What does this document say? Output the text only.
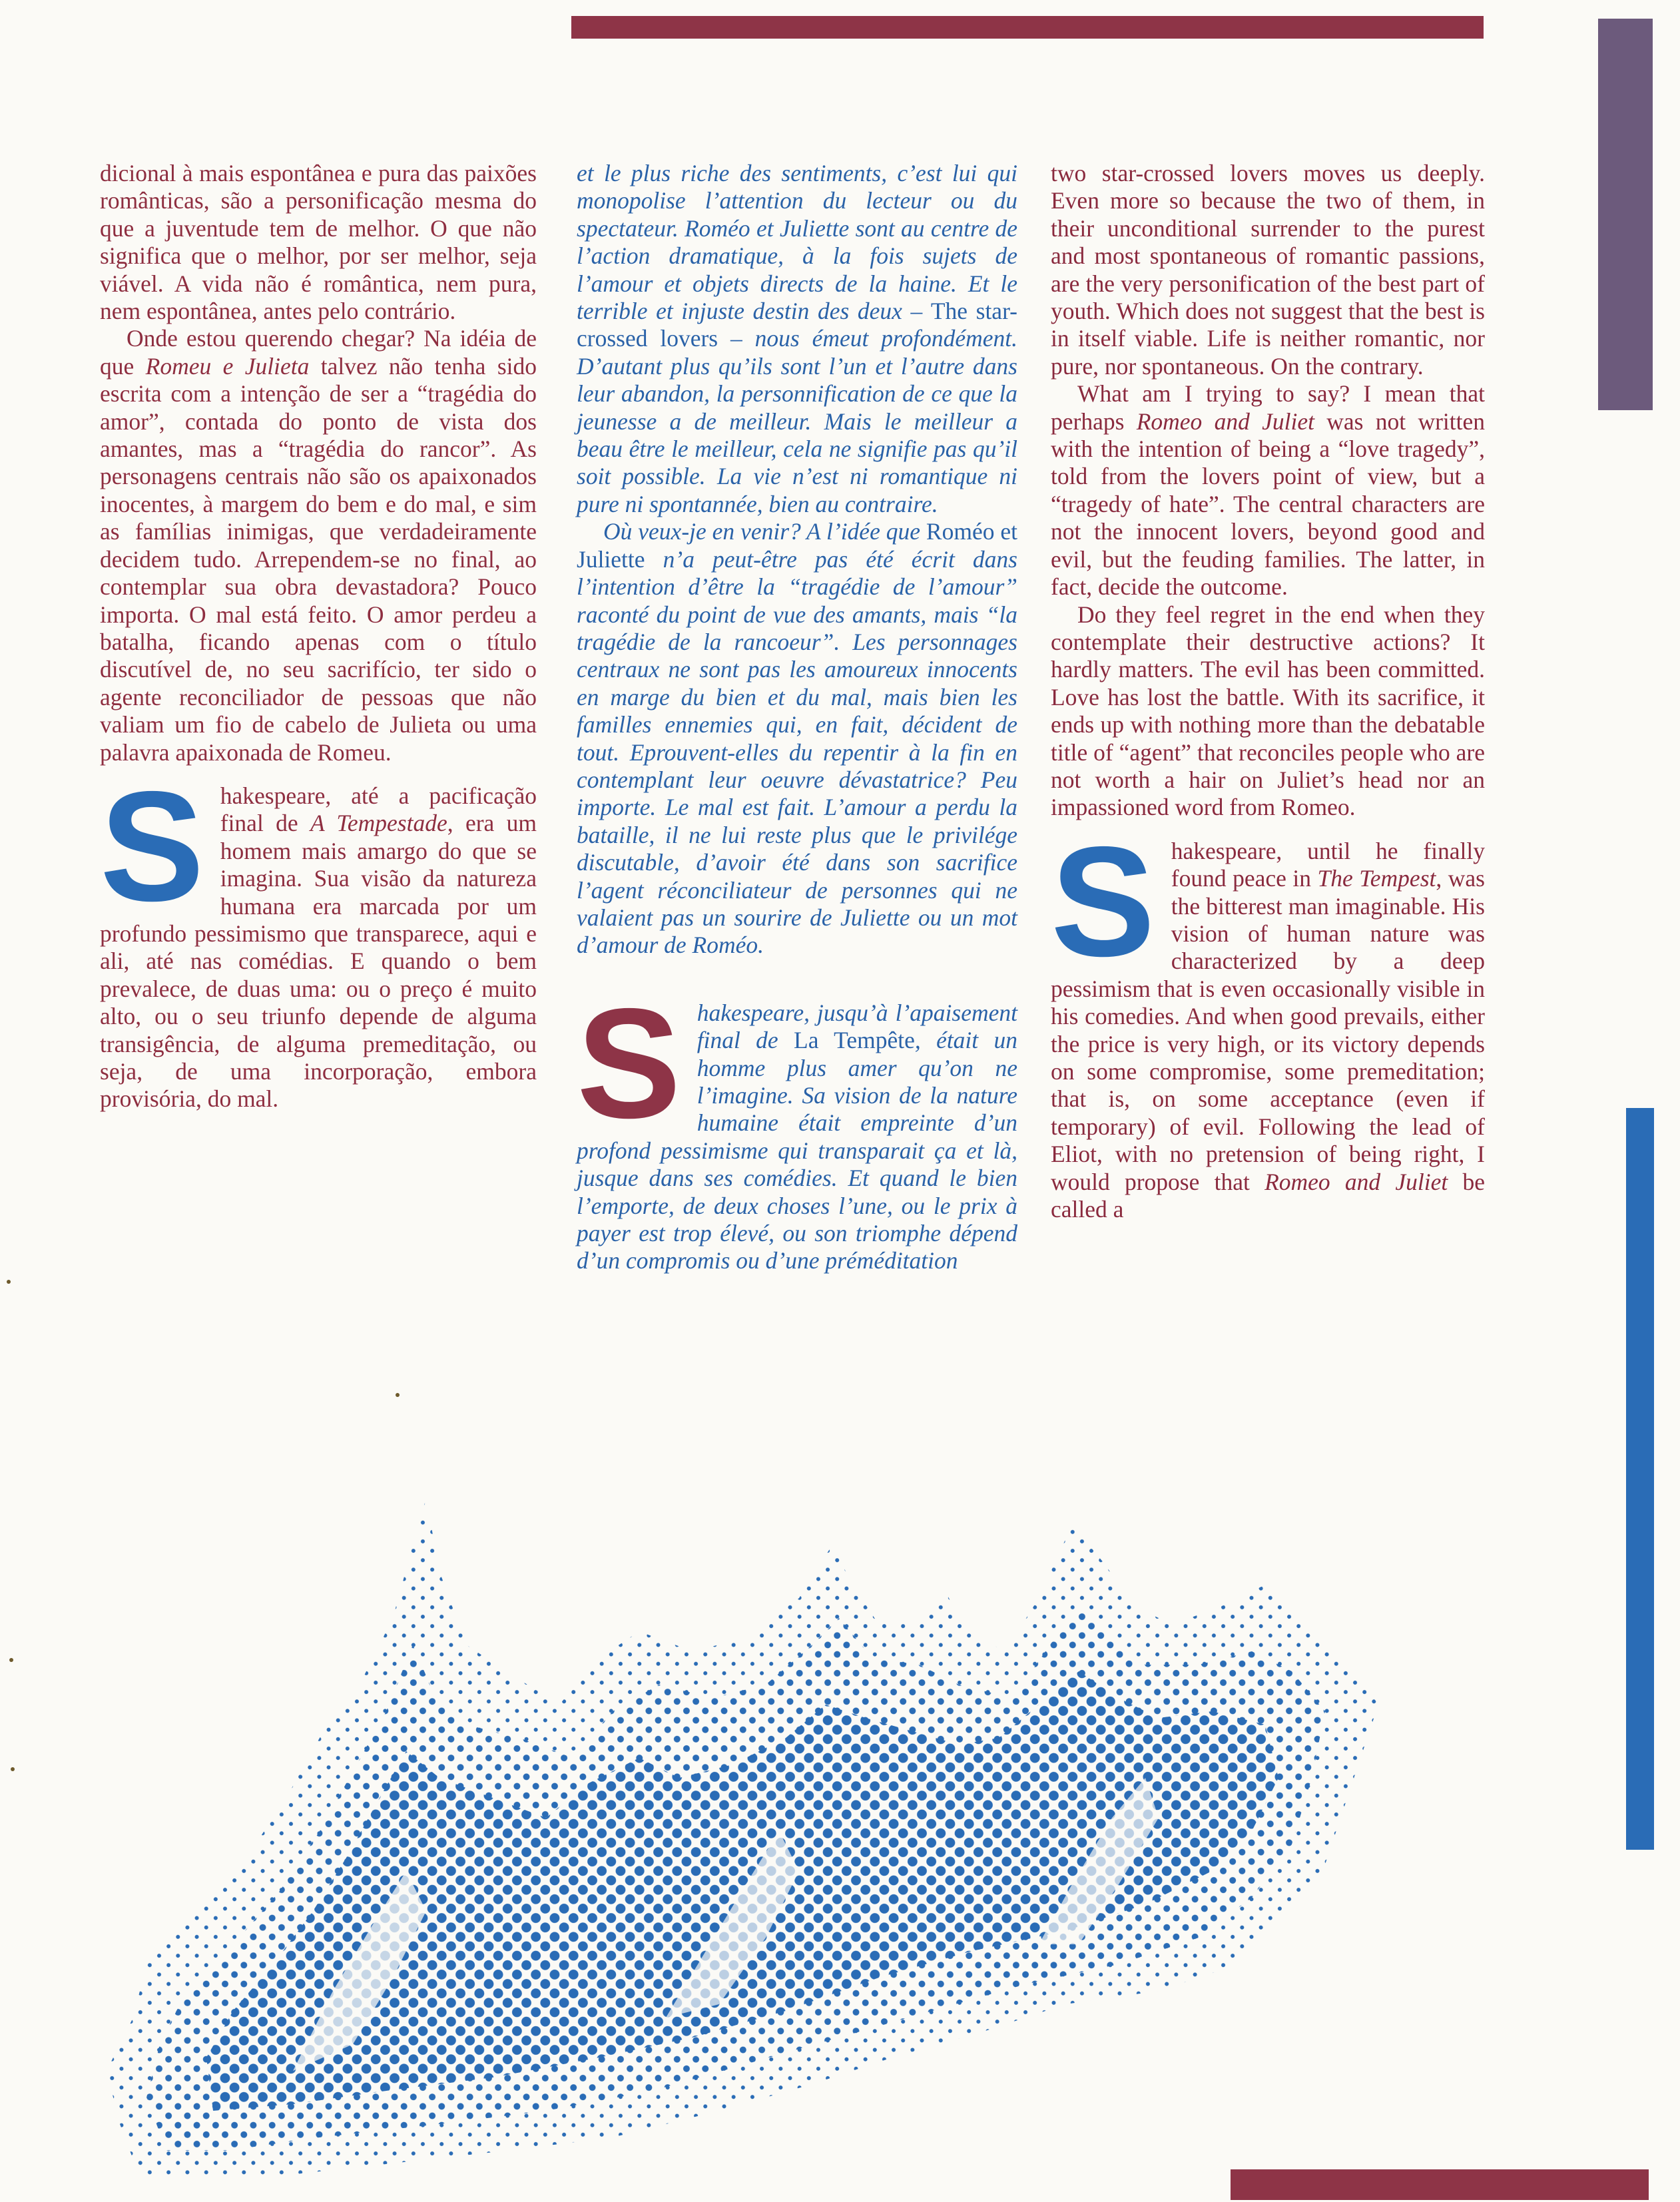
dicional à mais espontânea e pura das paixões românticas, são a personificação mesma do que a juventude tem de melhor. O que não significa que o melhor, por ser melhor, seja viável. A vida não é romântica, nem pura, nem espontânea, antes pelo contrário.

Onde estou querendo chegar? Na idéia de que Romeu e Julieta talvez não tenha sido escrita com a intenção de ser a “tragédia do amor”, contada do ponto de vista dos amantes, mas a “tragédia do rancor”. As personagens centrais não são os apaixonados inocentes, à margem do bem e do mal, e sim as famílias inimigas, que verdadeiramente decidem tudo. Arrependem-se no final, ao contemplar sua obra devastadora? Pouco importa. O mal está feito. O amor perdeu a batalha, ficando apenas com o título discutível de, no seu sacrifício, ter sido o agente reconciliador de pessoas que não valiam um fio de cabelo de Julieta ou uma palavra apaixonada de Romeu.

Shakespeare, até a pacificação final de A Tempestade, era um homem mais amargo do que se imagina. Sua visão da natureza humana era marcada por um profundo pessimismo que transparece, aqui e ali, até nas comédias. E quando o bem prevalece, de duas uma: ou o preço é muito alto, ou o seu triunfo depende de alguma transigência, de alguma premeditação, ou seja, de uma incorporação, embora provisória, do mal.

et le plus riche des sentiments, c’est lui qui monopolise l’attention du lecteur ou du spectateur. Roméo et Juliette sont au centre de l’action dramatique, à la fois sujets de l’amour et objets directs de la haine. Et le terrible et injuste destin des deux – The star-crossed lovers – nous émeut profondément. D’autant plus qu’ils sont l’un et l’autre dans leur abandon, la personnification de ce que la jeunesse a de meilleur. Mais le meilleur a beau être le meilleur, cela ne signifie pas qu’il soit possible. La vie n’est ni romantique ni pure ni spontannée, bien au contraire.

Où veux-je en venir? A l’idée que Roméo et Juliette n’a peut-être pas été écrit dans l’intention d’être la “tragédie de l’amour” raconté du point de vue des amants, mais “la tragédie de la rancoeur”. Les personnages centraux ne sont pas les amoureux innocents en marge du bien et du mal, mais bien les familles ennemies qui, en fait, décident de tout. Eprouvent-elles du repentir à la fin en contemplant leur oeuvre dévastatrice? Peu importe. Le mal est fait. L’amour a perdu la bataille, il ne lui reste plus que le privilége discutable, d’avoir été dans son sacrifice l’agent réconciliateur de personnes qui ne valaient pas un sourire de Juliette ou un mot d’amour de Roméo.

Shakespeare, jusqu’à l’apaisement final de La Tempête, était un homme plus amer qu’on ne l’imagine. Sa vision de la nature humaine était empreinte d’un profond pessimisme qui transparait ça et là, jusque dans ses comédies. Et quand le bien l’emporte, de deux choses l’une, ou le prix à payer est trop élevé, ou son triomphe dépend d’un compromis ou d’une préméditation

two star-crossed lovers moves us deeply. Even more so because the two of them, in their unconditional surrender to the purest and most spontaneous of romantic passions, are the very personification of the best part of youth. Which does not suggest that the best is in itself viable. Life is neither romantic, nor pure, nor spontaneous. On the contrary.

What am I trying to say? I mean that perhaps Romeo and Juliet was not written with the intention of being a “love tragedy”, told from the lovers point of view, but a “tragedy of hate”. The central characters are not the innocent lovers, beyond good and evil, but the feuding families. The latter, in fact, decide the outcome.

Do they feel regret in the end when they contemplate their destructive actions? It hardly matters. The evil has been committed. Love has lost the battle. With its sacrifice, it ends up with nothing more than the debatable title of “agent” that reconciles people who are not worth a hair on Juliet’s head nor an impassioned word from Romeo.

Shakespeare, until he finally found peace in The Tempest, was the bitterest man imaginable. His vision of human nature was characterized by a deep pessimism that is even occasionally visible in his comedies. And when good prevails, either the price is very high, or its victory depends on some compromise, some premeditation; that is, on some acceptance (even if temporary) of evil. Following the lead of Eliot, with no pretension of being right, I would propose that Romeo and Juliet be called a
